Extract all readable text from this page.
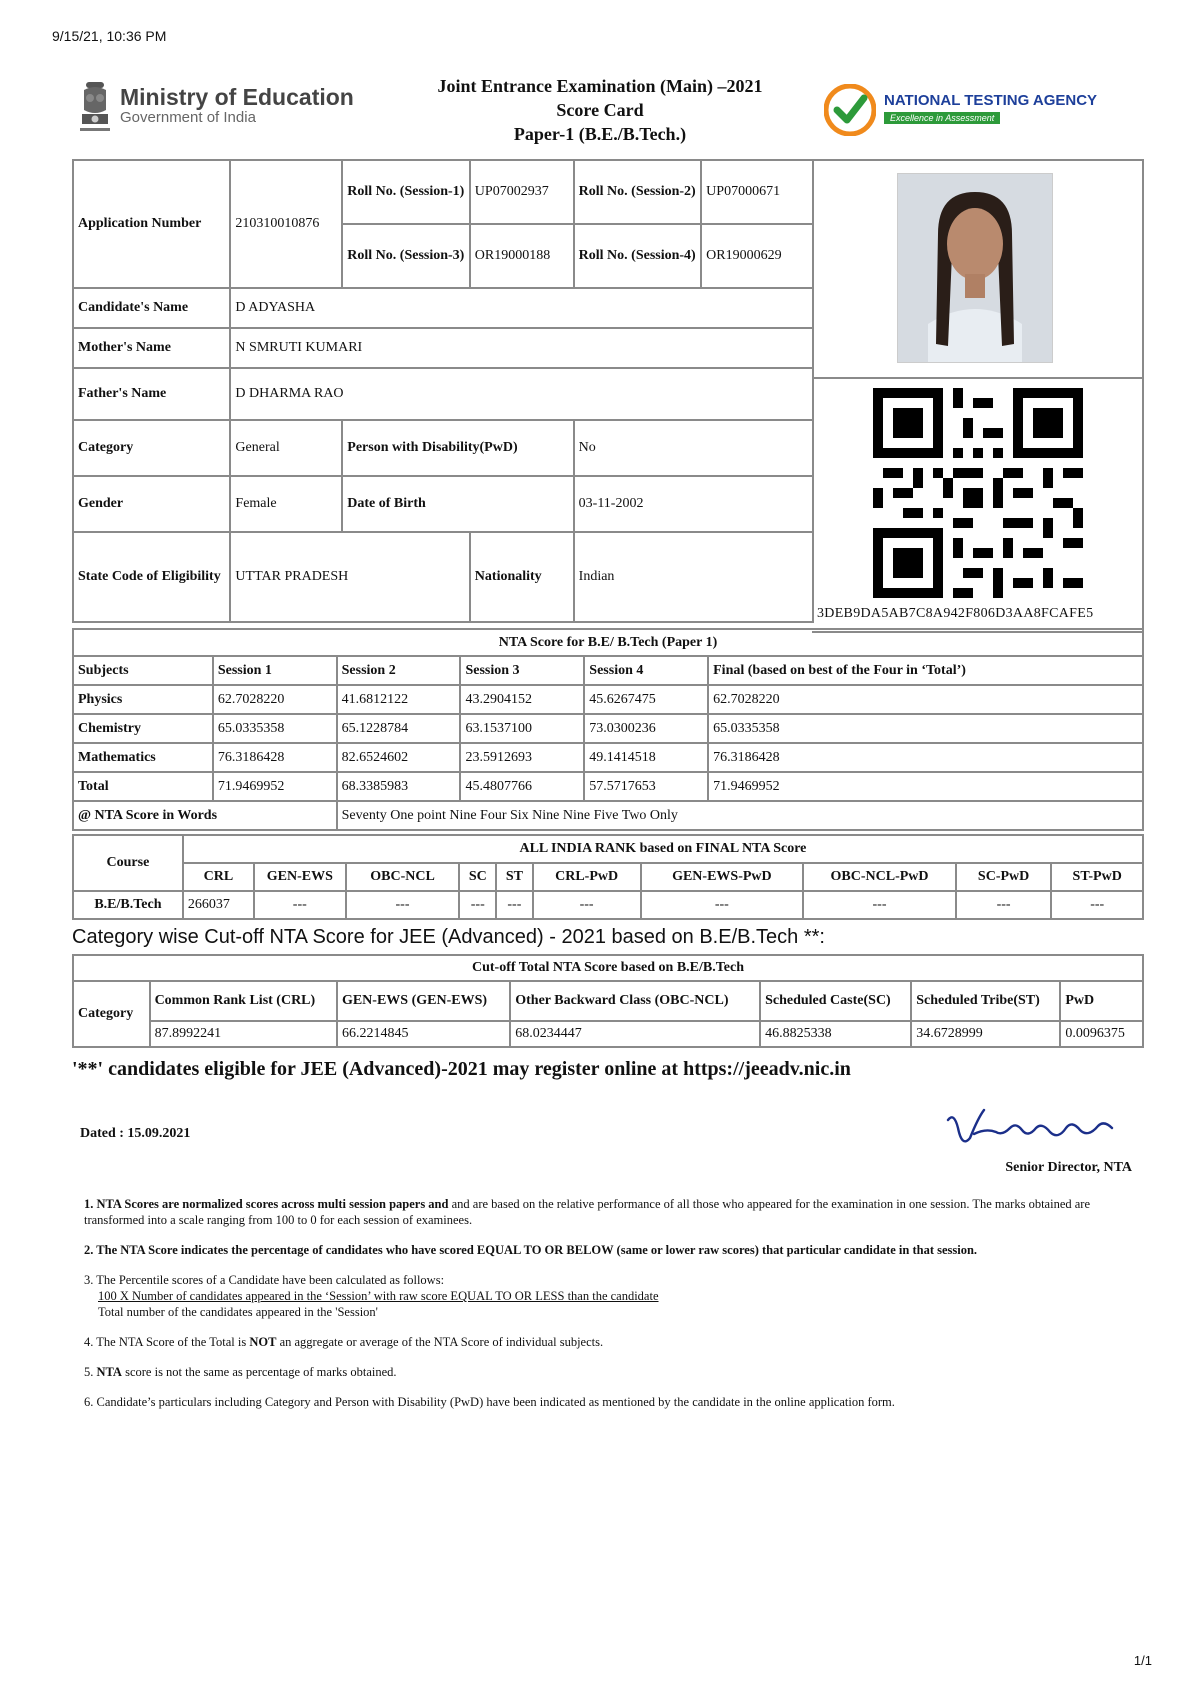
9/15/21, 10:36 PM
Ministry of Education
Government of India
Joint Entrance Examination (Main) –2021
Score Card
Paper-1 (B.E./B.Tech.)
NATIONAL TESTING AGENCY
Excellence in Assessment
Application Number	210310010876	Roll No. (Session-1)	UP07002937	Roll No. (Session-2)	UP07000671
		Roll No. (Session-3)	OR19000188	Roll No. (Session-4)	OR19000629
Candidate's Name	D ADYASHA				
Mother's Name	N SMRUTI KUMARI				
Father's Name	D DHARMA RAO				
Category	General	Person with Disability(PwD)		No	
Gender	Female	Date of Birth		03-11-2002	
State Code of Eligibility	UTTAR PRADESH		Nationality	Indian	
3DEB9DA5AB7C8A942F806D3AA8FCAFE5
NTA Score for B.E/ B.Tech (Paper 1)					
Subjects	Session 1	Session 2	Session 3	Session 4	Final (based on best of the Four in ‘Total’)
Physics	62.7028220	41.6812122	43.2904152	45.6267475	62.7028220
Chemistry	65.0335358	65.1228784	63.1537100	73.0300236	65.0335358
Mathematics	76.3186428	82.6524602	23.5912693	49.1414518	76.3186428
Total	71.9469952	68.3385983	45.4807766	57.5717653	71.9469952
@ NTA Score in Words		Seventy One point Nine Four Six Nine Nine Five Two Only			
Course	ALL INDIA RANK based on FINAL NTA Score									
	CRL	GEN-EWS	OBC-NCL	SC	ST	CRL-PwD	GEN-EWS-PwD	OBC-NCL-PwD	SC-PwD	ST-PwD
B.E/B.Tech	266037	---	---	---	---	---	---	---	---	---
Category wise Cut-off NTA Score for JEE (Advanced) - 2021 based on B.E/B.Tech **:
Cut-off Total NTA Score based on B.E/B.Tech						
Category	Common Rank List (CRL)	GEN-EWS (GEN-EWS)	Other Backward Class (OBC-NCL)	Scheduled Caste(SC)	Scheduled Tribe(ST)	PwD
	87.8992241	66.2214845	68.0234447	46.8825338	34.6728999	0.0096375
'**' candidates eligible for JEE (Advanced)-2021 may register online at https://jeeadv.nic.in
Dated : 15.09.2021
Senior Director, NTA
1. NTA Scores are normalized scores across multi session papers and and are based on the relative performance of all those who appeared for the examination in one session. The marks obtained are transformed into a scale ranging from 100 to 0 for each session of examinees.
2. The NTA Score indicates the percentage of candidates who have scored EQUAL TO OR BELOW (same or lower raw scores) that particular candidate in that session.
3. The Percentile scores of a Candidate have been calculated as follows:
100 X Number of candidates appeared in the ‘Session’ with raw score EQUAL TO OR LESS than the candidate
Total number of the candidates appeared in the 'Session'
4. The NTA Score of the Total is NOT an aggregate or average of the NTA Score of individual subjects.
5. NTA score is not the same as percentage of marks obtained.
6. Candidate’s particulars including Category and Person with Disability (PwD) have been indicated as mentioned by the candidate in the online application form.
1/1
